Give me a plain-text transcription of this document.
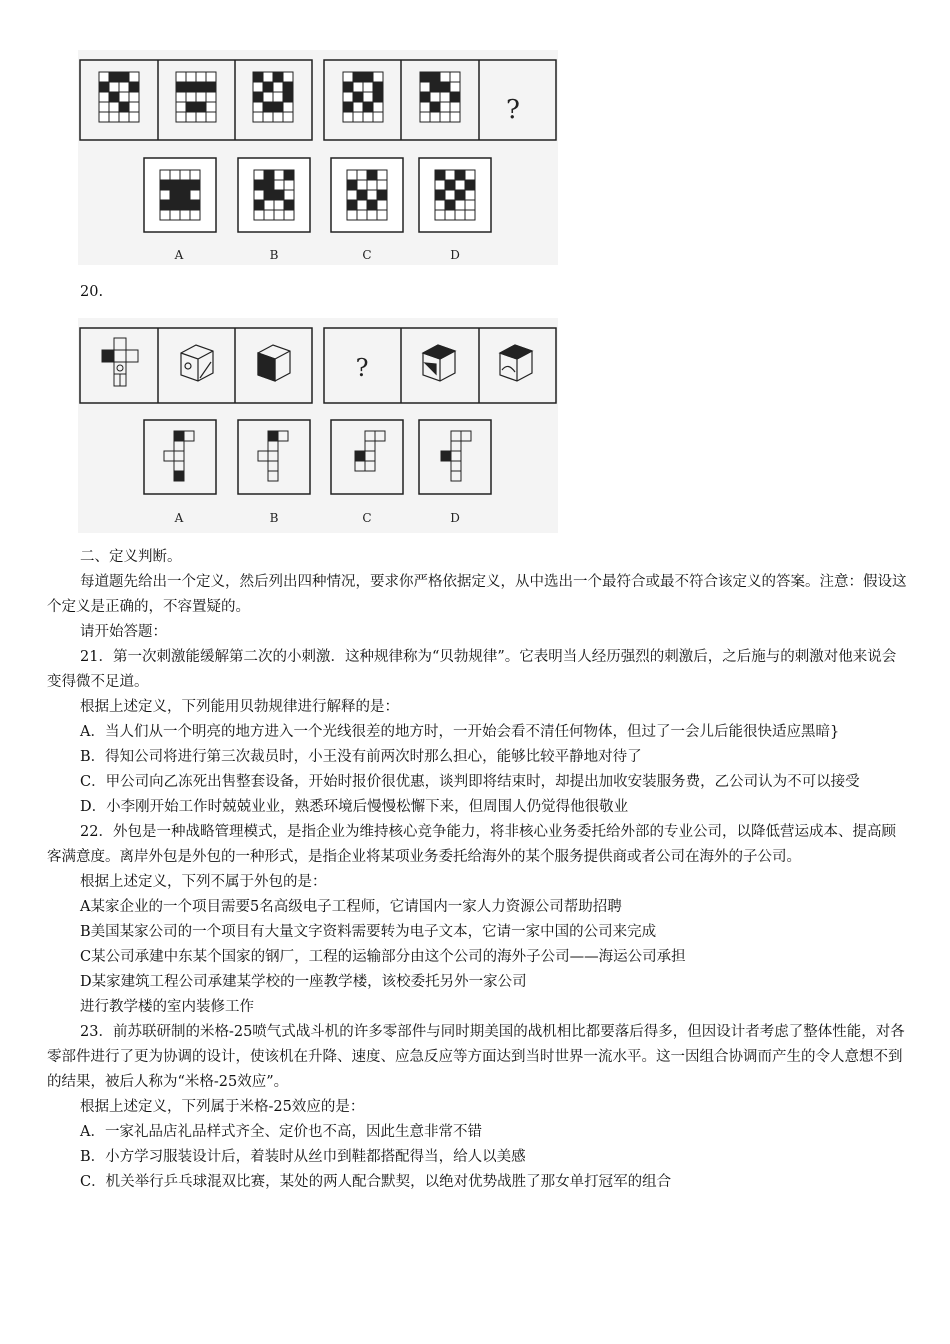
?
A	B	C	D
20.
?
A	B	C	D

二、定义判断。

每道题先给出一个定义，然后列出四种情况，要求你严格依据定义，从中选出一个最符合或最不符合该定义的答案。注意：假设这个定义是正确的，不容置疑的。

请开始答题：

21．第一次刺激能缓解第二次的小刺激．这种规律称为“贝勃规律”。它表明当人经历强烈的刺激后，之后施与的刺激对他来说会变得微不足道。

根据上述定义，下列能用贝勃规律进行解释的是：

A．当人们从一个明亮的地方进入一个光线很差的地方时，一开始会看不清任何物体，但过了一会儿后能很快适应黑暗}

B．得知公司将进行第三次裁员时，小王没有前两次时那么担心，能够比较平静地对待了

C．甲公司向乙冻死出售整套设备，开始时报价很优惠，谈判即将结束时，却提出加收安装服务费，乙公司认为不可以接受

D．小李刚开始工作时兢兢业业，熟悉环境后慢慢松懈下来，但周围人仍觉得他很敬业

22．外包是一种战略管理模式，是指企业为维持核心竞争能力，将非核心业务委托给外部的专业公司，以降低营运成本、提高顾客满意度。离岸外包是外包的一种形式，是指企业将某项业务委托给海外的某个服务提供商或者公司在海外的子公司。

根据上述定义，下列不属于外包的是：

A某家企业的一个项目需要5名高级电子工程师，它请国内一家人力资源公司帮助招聘

B美国某家公司的一个项目有大量文字资料需要转为电子文本，它请一家中国的公司来完成

C某公司承建中东某个国家的钢厂，工程的运输部分由这个公司的海外子公司——海运公司承担

D某家建筑工程公司承建某学校的一座教学楼，该校委托另外一家公司

进行教学楼的室内装修工作

23．前苏联研制的米格-25喷气式战斗机的许多零部件与同时期美国的战机相比都要落后得多，但因设计者考虑了整体性能，对各零部件进行了更为协调的设计，使该机在升降、速度、应急反应等方面达到当时世界一流水平。这一因组合协调而产生的令人意想不到的结果，被后人称为“米格-25效应”。

根据上述定义，下列属于米格-25效应的是：

A．一家礼品店礼品样式齐全、定价也不高，因此生意非常不错

B．小方学习服装设计后，着装时从丝巾到鞋都搭配得当，给人以美感

C．机关举行乒乓球混双比赛，某处的两人配合默契，以绝对优势战胜了那女单打冠军的组合
